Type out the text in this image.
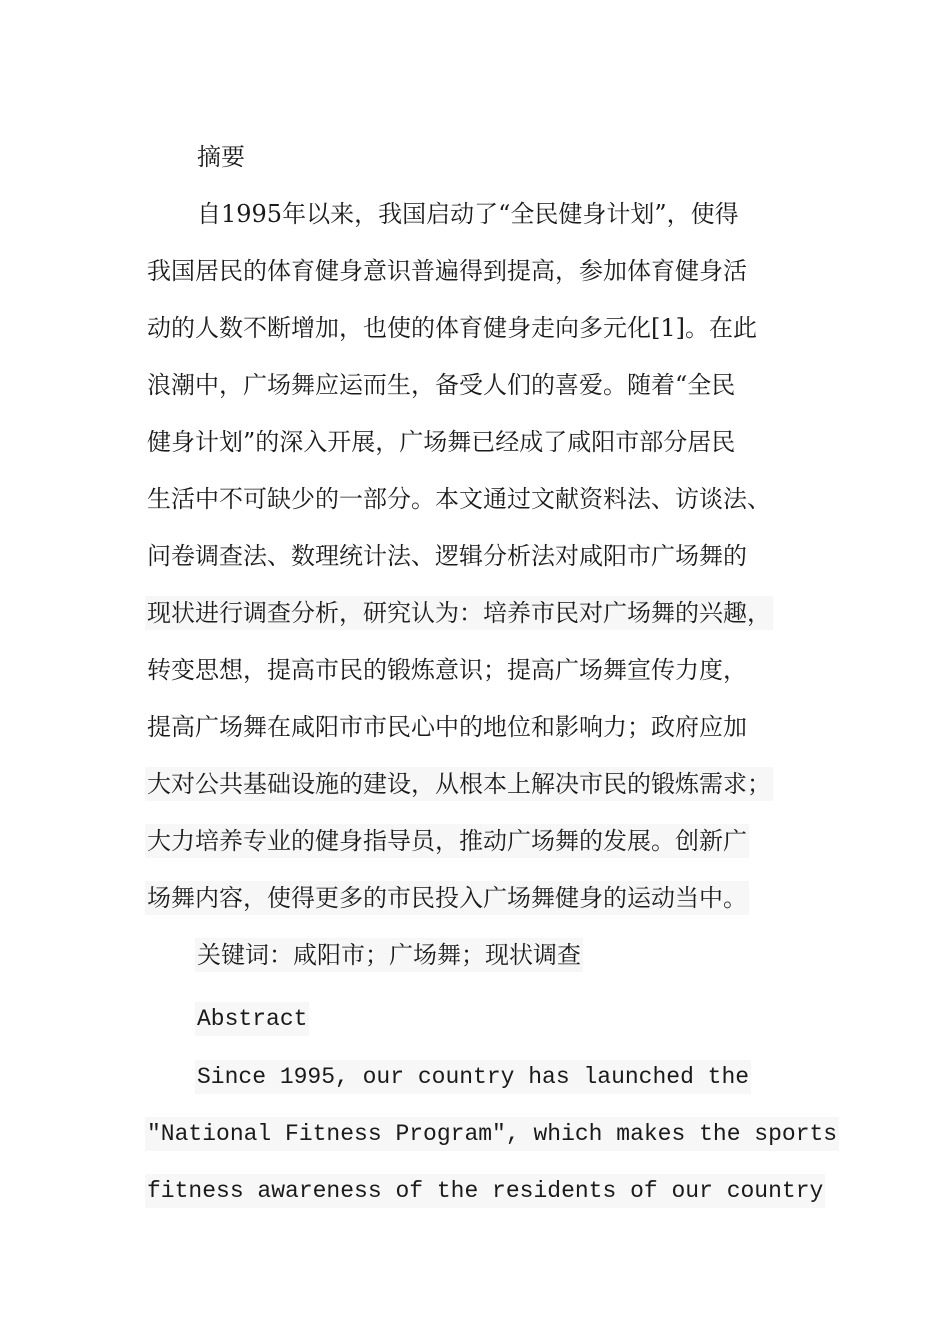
摘要
自1995年以来，我国启动了“全民健身计划”，使得
我国居民的体育健身意识普遍得到提高，参加体育健身活
动的人数不断增加，也使的体育健身走向多元化[1]。在此
浪潮中，广场舞应运而生，备受人们的喜爱。随着“全民
健身计划”的深入开展，广场舞已经成了咸阳市部分居民
生活中不可缺少的一部分。本文通过文献资料法、访谈法、
问卷调查法、数理统计法、逻辑分析法对咸阳市广场舞的
现状进行调查分析，研究认为：培养市民对广场舞的兴趣，
转变思想，提高市民的锻炼意识；提高广场舞宣传力度，
提高广场舞在咸阳市市民心中的地位和影响力；政府应加
大对公共基础设施的建设，从根本上解决市民的锻炼需求；
大力培养专业的健身指导员，推动广场舞的发展。创新广
场舞内容，使得更多的市民投入广场舞健身的运动当中。
关键词：咸阳市；广场舞；现状调查
Abstract
Since 1995, our country has launched the
"National Fitness Program", which makes the sports
fitness awareness of the residents of our country
